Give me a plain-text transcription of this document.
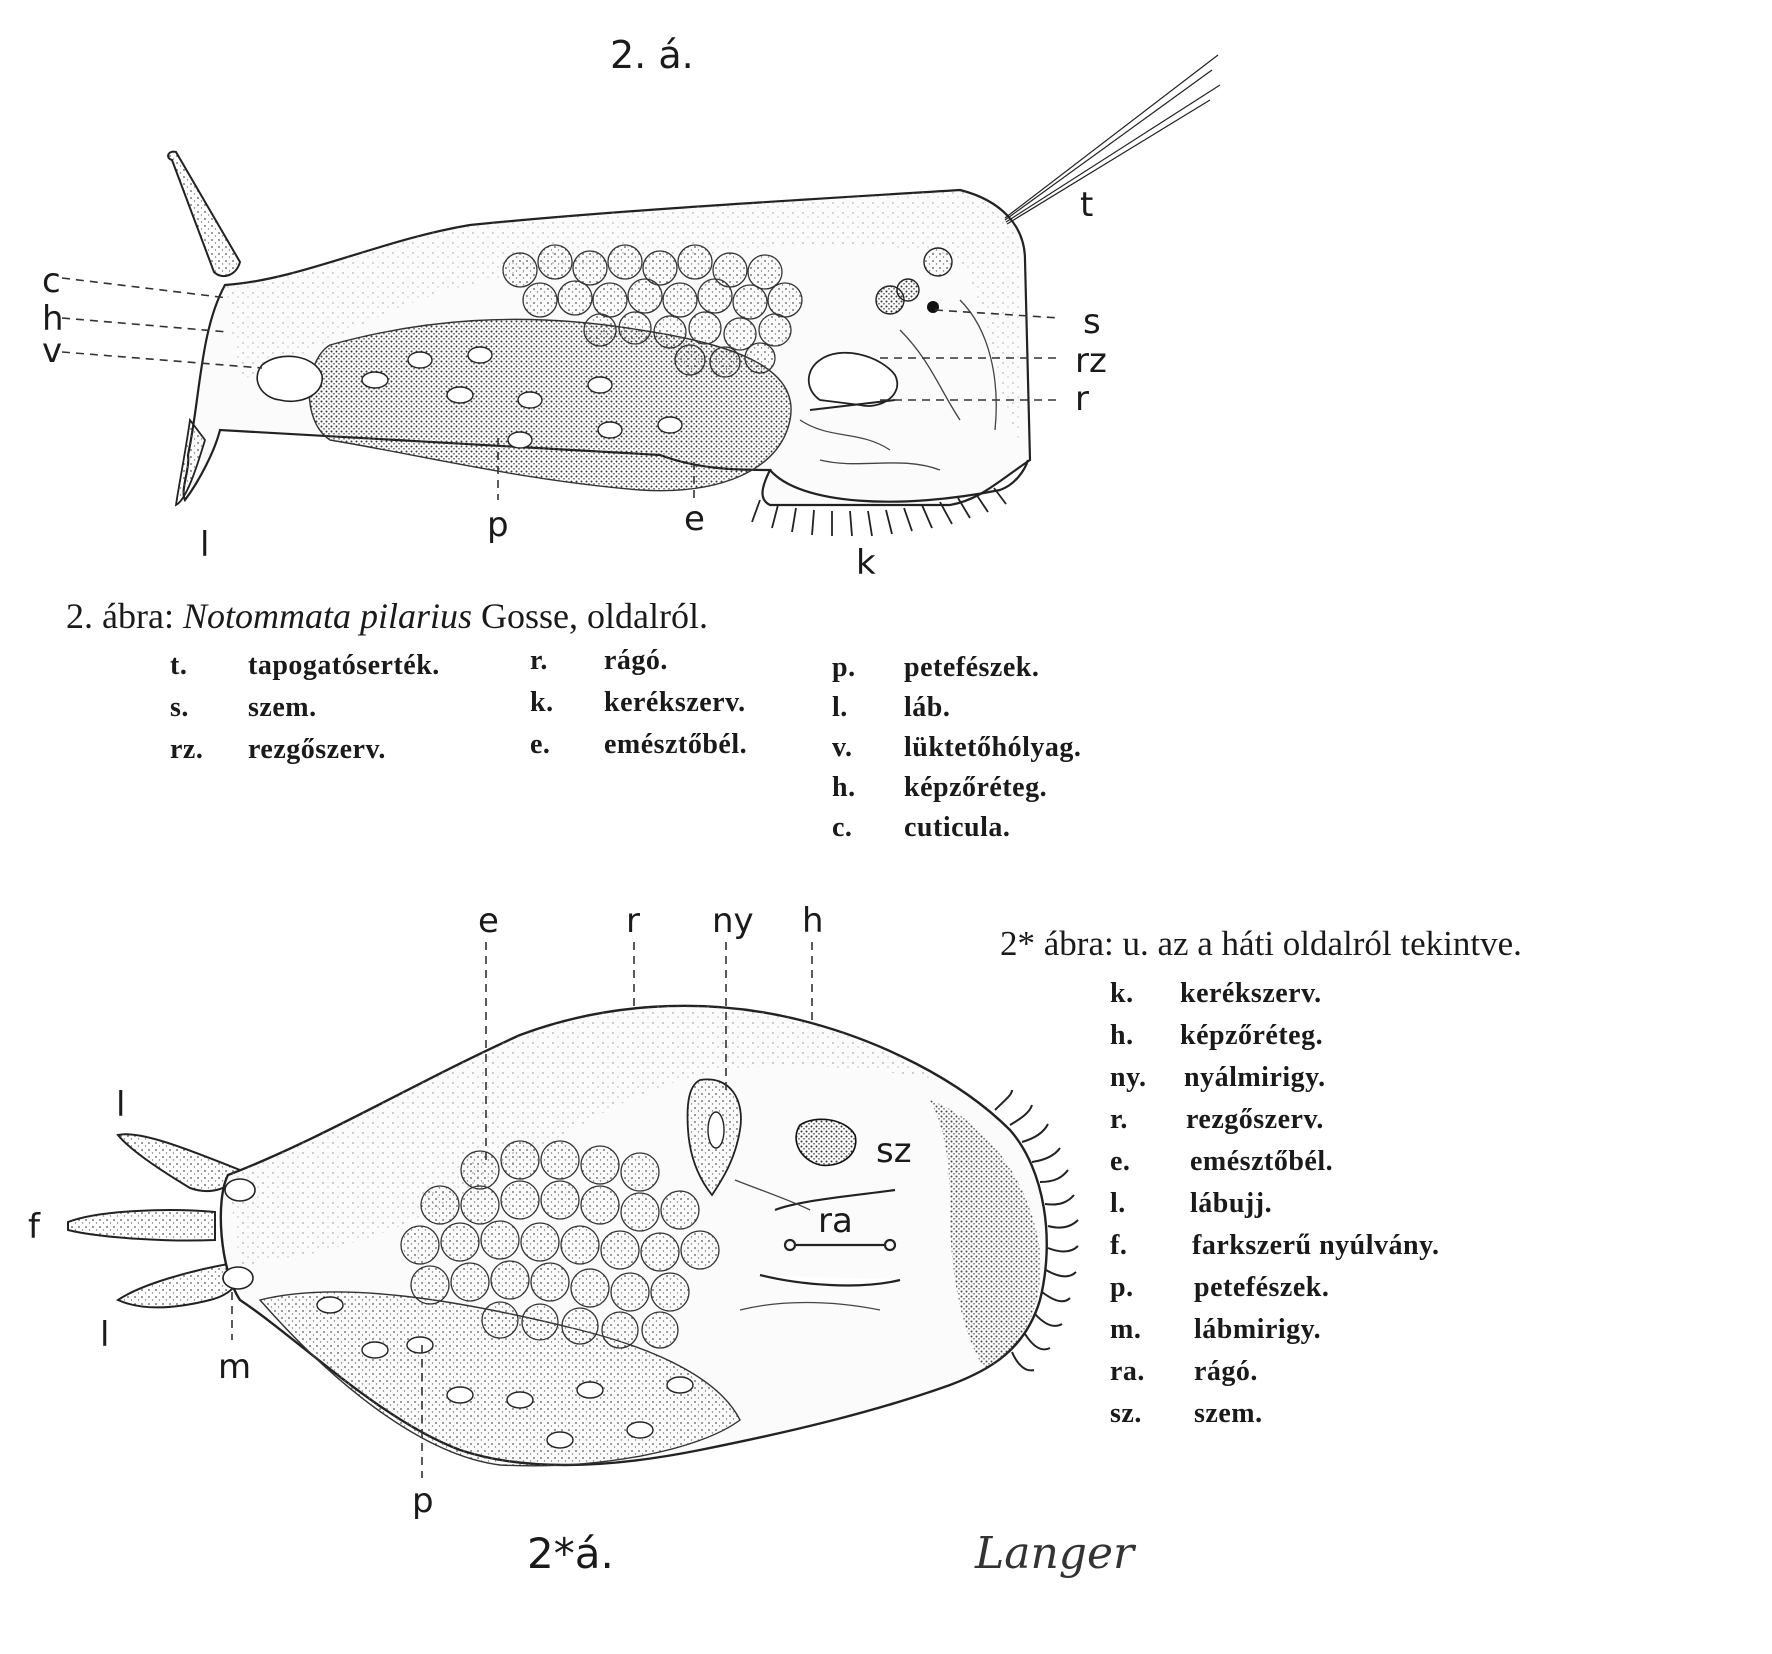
2. á.
c
h
v
l	p	e
k
t
s
rz
r
e	r ny h
l
f
l
m
p
sz
ra
2*á.
2. ábra: Notommata pilarius Gosse, oldalról.
t. tapogatóserték.
s. szem.
rz. rezgőszerv.
r. rágó.
k. kerékszerv.
e. emésztőbél.
p. petefészek.
l. láb.
v. lüktetőhólyag.
h. képzőréteg.
c. cuticula.
2* ábra: u. az a háti oldalról tekintve.
k. kerékszerv.
h. képzőréteg.
ny. nyálmirigy.
r. rezgőszerv.
e. emésztőbél.
l. lábujj.
f. farkszerű nyúlvány.
p. petefészek.
m. lábmirigy.
ra. rágó.
sz. szem.
Langer
